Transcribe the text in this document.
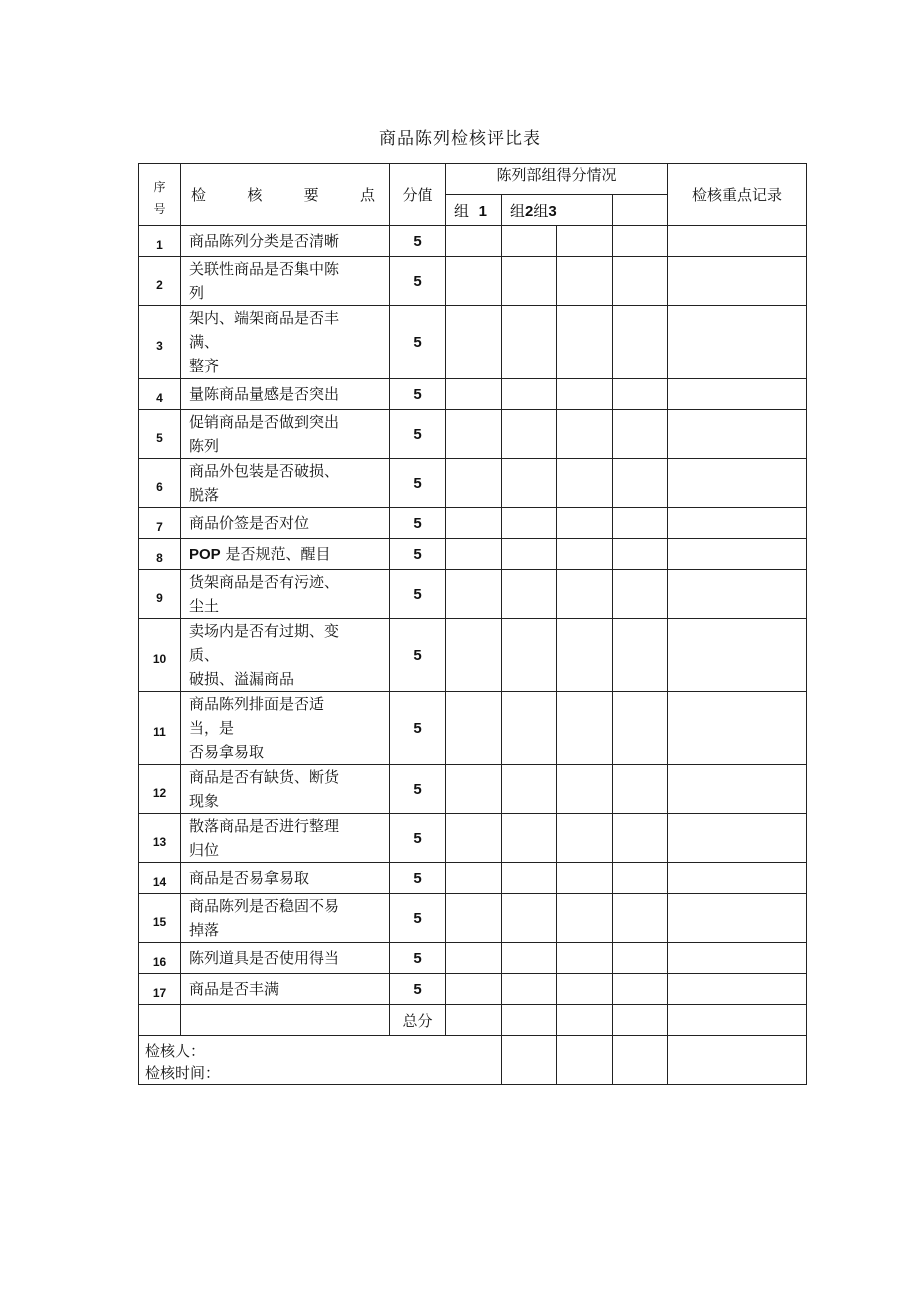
商品陈列检核评比表
序
号	检核要点	分值	陈列部组得分情况				检核重点记录
			组 1	组2组3			
1	商品陈列分类是否清晰	5					
2	关联性商品是否集中陈
列	5					
3	架内、端架商品是否丰
满、
整齐	5					
4	量陈商品量感是否突出	5					
5	促销商品是否做到突出
陈列	5					
6	商品外包装是否破损、
脱落	5					
7	商品价签是否对位	5					
8	POP 是否规范、醒目	5					
9	货架商品是否有污迹、
尘土	5					
10	卖场内是否有过期、变
质、
破损、溢漏商品	5					
11	商品陈列排面是否适
当，是
否易拿易取	5					
12	商品是否有缺货、断货
现象	5					
13	散落商品是否进行整理
归位	5					
14	商品是否易拿易取	5					
15	商品陈列是否稳固不易
掉落	5					
16	陈列道具是否使用得当	5					
17	商品是否丰满	5					
		总分					

检核人：
检核时间：							
